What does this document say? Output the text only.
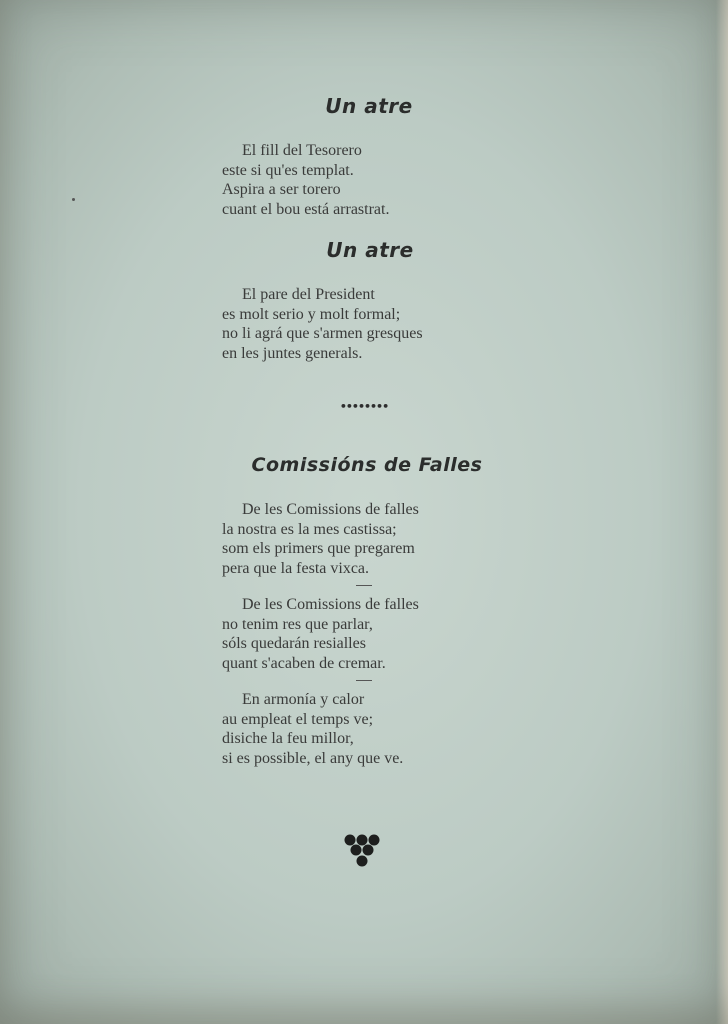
Un atre
El fill del Tesorero
este si qu'es templat.
Aspira a ser torero
cuant el bou está arrastrat.
Un atre
El pare del President
es molt serio y molt formal;
no li agrá que s'armen gresques
en les juntes generals.
••••••••
Comissións de Falles
De les Comissions de falles
la nostra es la mes castissa;
som els primers que pregarem
pera que la festa vixca.
De les Comissions de falles
no tenim res que parlar,
sóls quedarán resialles
quant s'acaben de cremar.
En armonía y calor
au empleat el temps ve;
disiche la feu millor,
si es possible, el any que ve.
